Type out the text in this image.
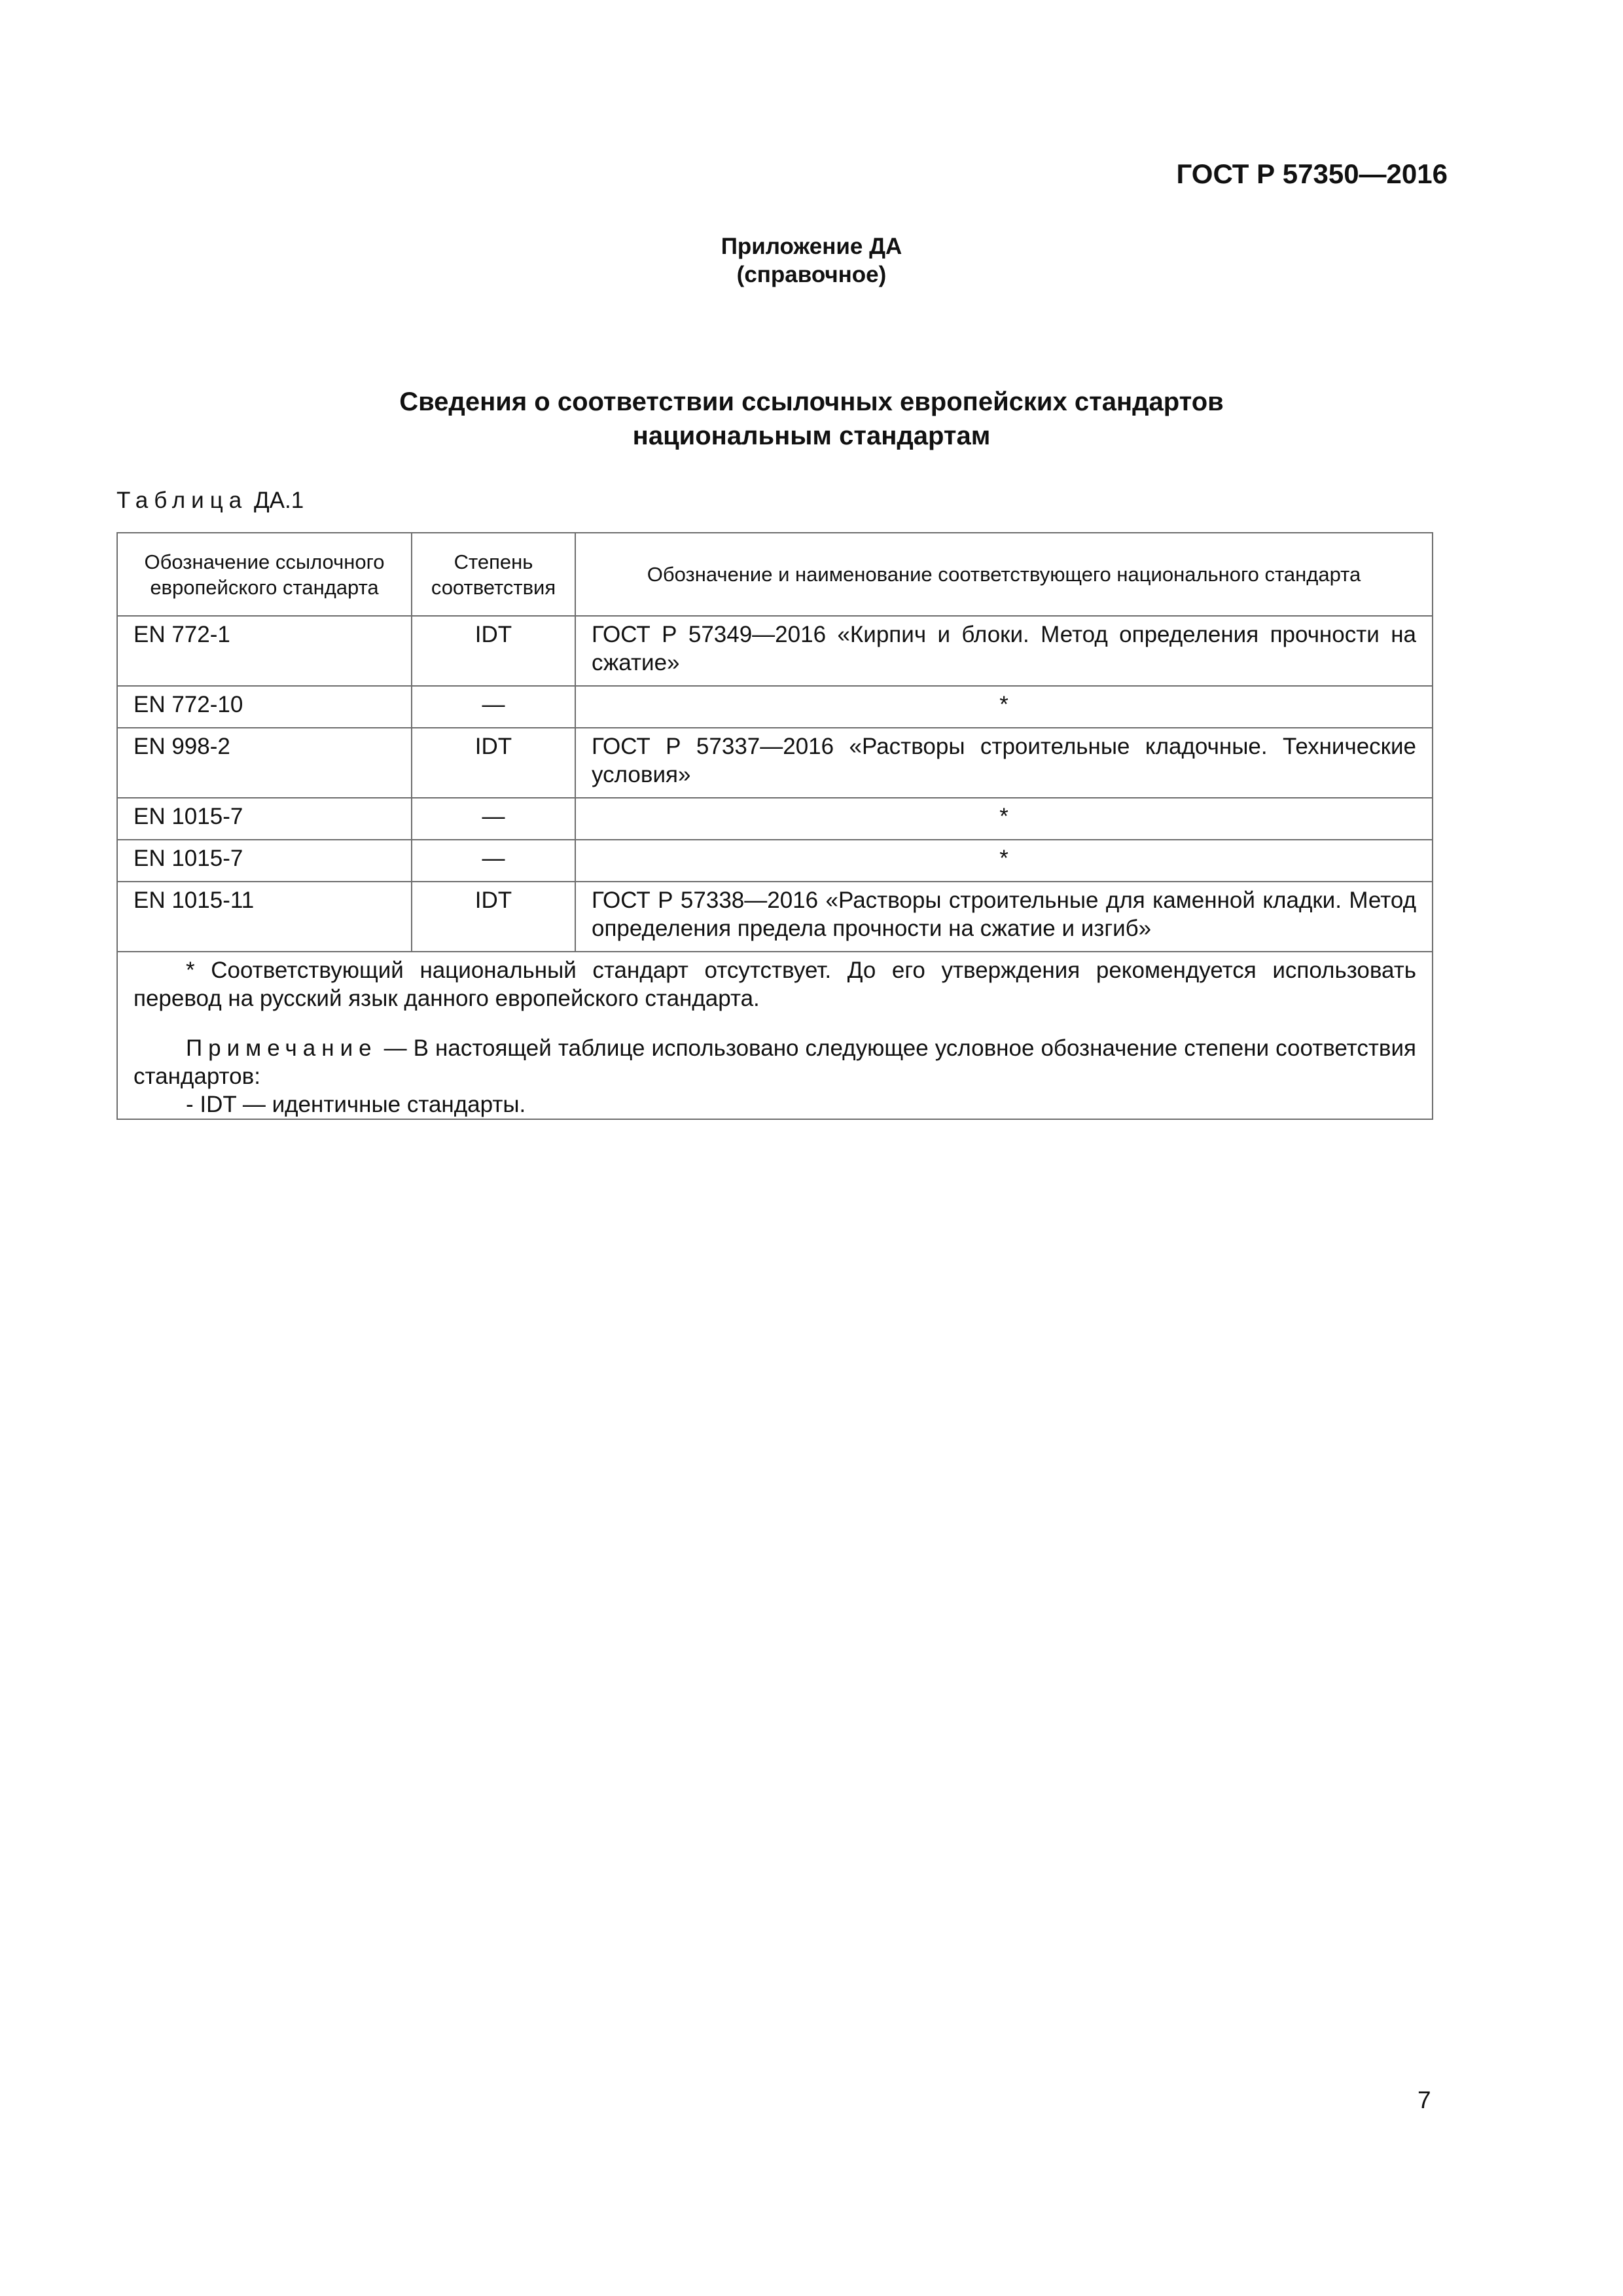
ГОСТ Р 57350—2016
Приложение ДА
(справочное)
Сведения о соответствии ссылочных европейских стандартов
национальным стандартам
Таблица ДА.1
Обозначение ссылочного европейского стандарта	Степень соответствия	Обозначение и наименование соответствующего национального стандарта
EN 772-1	IDT	ГОСТ Р 57349—2016 «Кирпич и блоки. Метод определения прочности на сжатие»
EN 772-10	—	*
EN 998-2	IDT	ГОСТ Р 57337—2016 «Растворы строительные кладочные. Технические условия»
EN 1015-7	—	*
EN 1015-7	—	*
EN 1015-11	IDT	ГОСТ Р 57338—2016 «Растворы строительные для каменной кладки. Метод определения предела прочности на сжатие и изгиб»

* Соответствующий национальный стандарт отсутствует. До его утверждения рекомендуется использовать перевод на русский язык данного европейского стандарта.

Примечание — В настоящей таблице использовано следующее условное обозначение степени соответствия стандартов:

- IDT — идентичные стандарты.		

7
